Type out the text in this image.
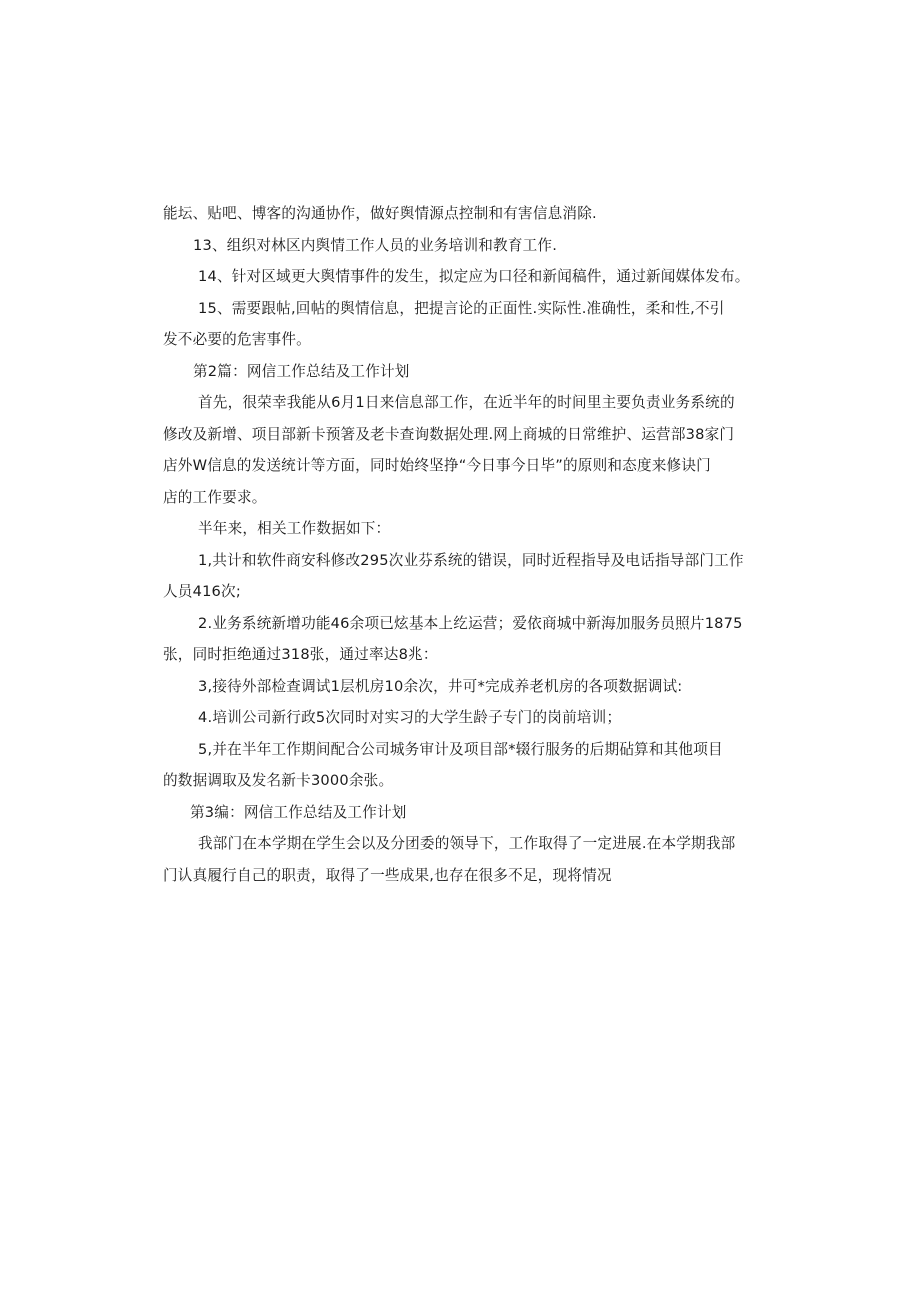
能坛、贴吧、博客的沟通协作，做好舆情源点控制和有害信息消除.
13、组织对林区内舆情工作人员的业务培训和教育工作.
14、针对区域更大舆情事件的发生，拟定应为口径和新闻稿件，通过新闻媒体发布。
15、需要跟帖,回帖的舆情信息，把提言论的正面性.实际性.准确性，柔和性,不引
发不必要的危害事件。
第2篇：网信工作总结及工作计划
首先，很荣幸我能从6月1日来信息部工作，在近半年的时间里主要负责业务系统的
修改及新增、项目部新卡预箸及老卡查询数据处理.网上商城的日常维护、运营部38家门
店外W信息的发送统计等方面，同时始终坚挣“今日事今日毕”的原则和态度来修诀门
店的工作要求。
半年来，相关工作数据如下：
1,共计和软件商安科修改295次业芬系统的错误，同时近程指导及电话指导部门工作
人员416次;
2.业务系统新增功能46余项已炫基本上纥运营；爱依商城中新海加服务员照片1875
张，同时拒绝通过318张，通过率达8兆：
3,接待外部检查调试1层机房10余次，井可*完成养老机房的各项数据调试:
4.培训公司新行政5次同时对实习的大学生龄子专门的岗前培训；
5,并在半年工作期间配合公司城务审计及项目部*辍行服务的后期砧算和其他项目
的数据调取及发名新卡3000余张。
第3编：网信工作总结及工作计划
我部门在本学期在学生会以及分团委的领导下，工作取得了一定进展.在本学期我部
门认真履行自己的职责，取得了一些成果,也存在很多不足，现将情况
